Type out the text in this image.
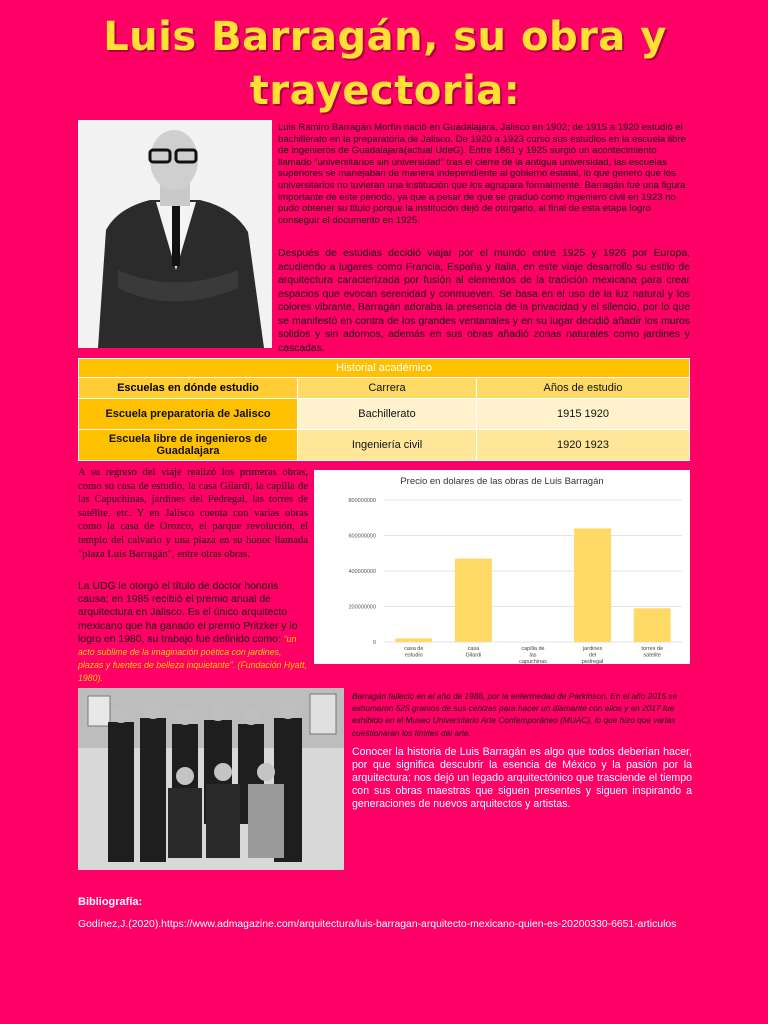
Luis Barragán, su obra y trayectoria:
Luis Ramiro Barragán Morfín nació en Guadalajara, Jalisco en 1902; de 1915 a 1920 estudió el bachillerato en la preparatoria de Jalisco. De 1920 a 1923 curso sus estudios en la escuela libre de ingenieros de Guadalajara(actual UdeG). Entre 1861 y 1925 surgió un acontecimiento llamado “universitarios sin universidad” tras el cierre de la antigua universidad, las escuelas superiores se manejaban de manera independiente al gobierno estatal, lo que genero que los universitarios no tuvieran una institución que los agrupara formalmente. Barragán fue una figura importante de este periodo, ya que a pesar de que se graduó como ingeniero civil en 1923 no pudo obtener su titulo porque la institución dejó de otorgarlo, al final de esta etapa logro conseguir el documento en 1925.
Después de estudias decidió viajar por el mundo entre 1925 y 1926 por Europa, acudiendo a lugares como Francia, España y Italia, en este viaje desarrollo su estilo de arquitectura caracterizada por fusión al elementos de la tradición mexicana para crear espacios que evocan serenidad y conmueven. Se basa en el uso de la luz natural y los colores vibrante, Barragán adoraba la presencia de la privacidad y el silencio, por lo que se manifestó en contra de los grandes ventanales y en su lugar decidió añadir los muros solidos y sin adornos, además en sus obras añadió zonas naturales como jardines y cascadas.
Historial académico		
Escuelas en dónde estudio	Carrera	Años de estudio
Escuela preparatoria de Jalisco	Bachillerato	1915 1920
Escuela libre de ingenieros de Guadalajara	Ingeniería civil	1920 1923
A su regreso del viaje realizó los primeras obras, como su casa de estudio, la casa Gilardi, la capilla de las Capuchinas, jardines del Pedregal, las torres de satélite, etc. Y en Jalisco cuenta con varias obras como la casa de Orozco, el parque revolución, el templo del calvario y una plaza en su honor llamada "plaza Luis Barragán", entre otras obras.
La UDG le otorgó el título de doctor honoris causa; en 1985 recibió el premio anual de arquitectura en Jalisco. Es el único arquitecto mexicano que ha ganado el premio Pritzker y lo logro en 1980, su trabajo fue definido como: “un acto sublime de la imaginación poética con jardines, plazas y fuentes de belleza inquietante”. (Fundación Hyatt, 1980).
Precio en dolares de las obras de Luis Barragán
0
200000000
400000000
600000000
800000000
casa de
estudio
casa
Gilardi
capilla de
las
capuchinas
jardines
del
pedregal
torres de
satelite
Barragán falleció en el año de 1988, por la enfermedad de Parkinson. En el año 2015 se exhumaron 525 gramos de sus cenizas para hacer un diamante con ellos y en 2017 fue exhibido en el Museo Universitario Arte Contemporáneo (MUAC), lo que hizo que varias cuestionaran los límites del arte.
Conocer la historia de Luis Barragán es algo que todos deberían hacer, por que significa descubrir la esencia de México y la pasión por la arquitectura; nos dejó un legado arquitectónico que trasciende el tiempo con sus obras maestras que siguen presentes y siguen inspirando a generaciones de nuevos arquitectos y artistas.
Bibliografía:
Godínez,J.(2020).https://www.admagazine.com/arquitectura/luis-barragan-arquitecto-mexicano-quien-es-20200330-6651-articulos
